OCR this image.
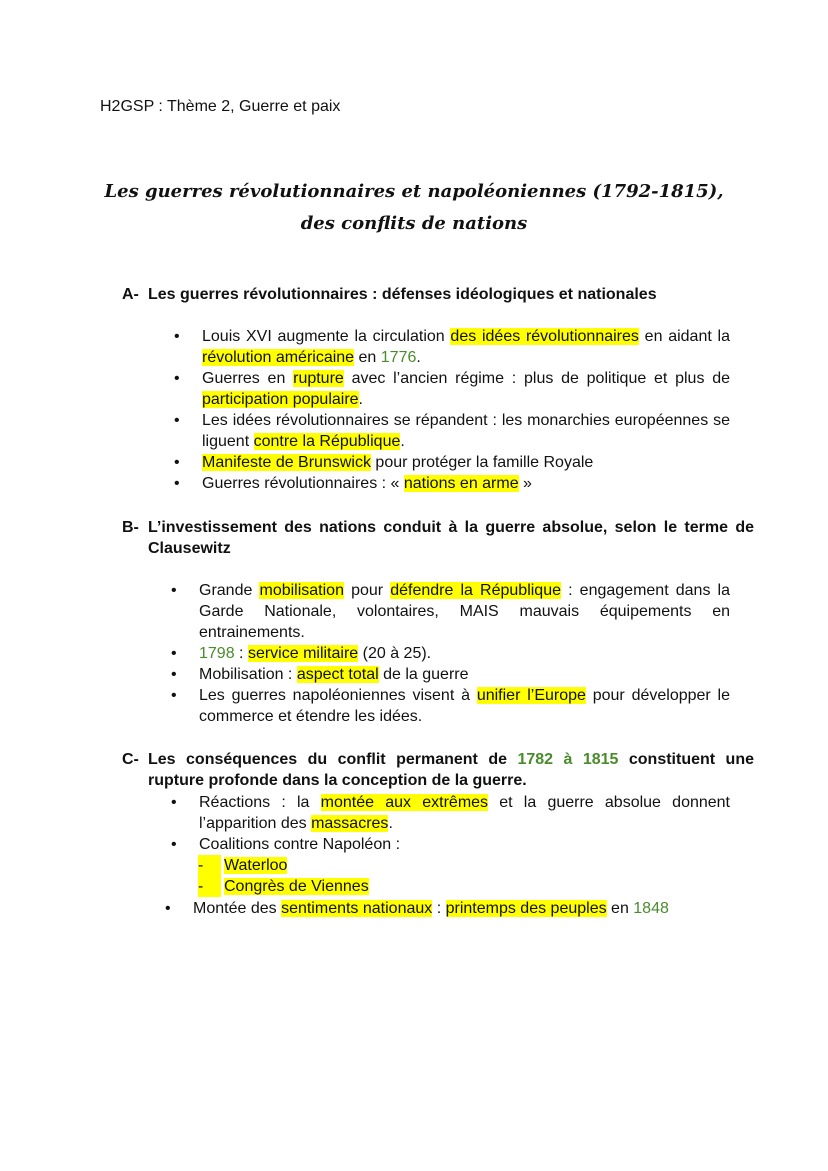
H2GSP : Thème 2, Guerre et paix
Les guerres révolutionnaires et napoléoniennes (1792-1815), des conflits de nations
A- Les guerres révolutionnaires : défenses idéologiques et nationales
• Louis XVI augmente la circulation des idées révolutionnaires en aidant la révolution américaine en 1776.
• Guerres en rupture avec l’ancien régime : plus de politique et plus de participation populaire.
• Les idées révolutionnaires se répandent : les monarchies européennes se liguent contre la République.
• Manifeste de Brunswick pour protéger la famille Royale
• Guerres révolutionnaires : « nations en arme »
B- L’investissement des nations conduit à la guerre absolue, selon le terme de Clausewitz
• Grande mobilisation pour défendre la République : engagement dans la Garde Nationale, volontaires, MAIS mauvais équipements en entrainements.
• 1798 : service militaire (20 à 25).
• Mobilisation : aspect total de la guerre
• Les guerres napoléoniennes visent à unifier l’Europe pour développer le commerce et étendre les idées.
C- Les conséquences du conflit permanent de 1782 à 1815 constituent une rupture profonde dans la conception de la guerre.
• Réactions : la montée aux extrêmes et la guerre absolue donnent l’apparition des massacres.
• Coalitions contre Napoléon :
- Waterloo
- Congrès de Viennes
• Montée des sentiments nationaux : printemps des peuples en 1848
